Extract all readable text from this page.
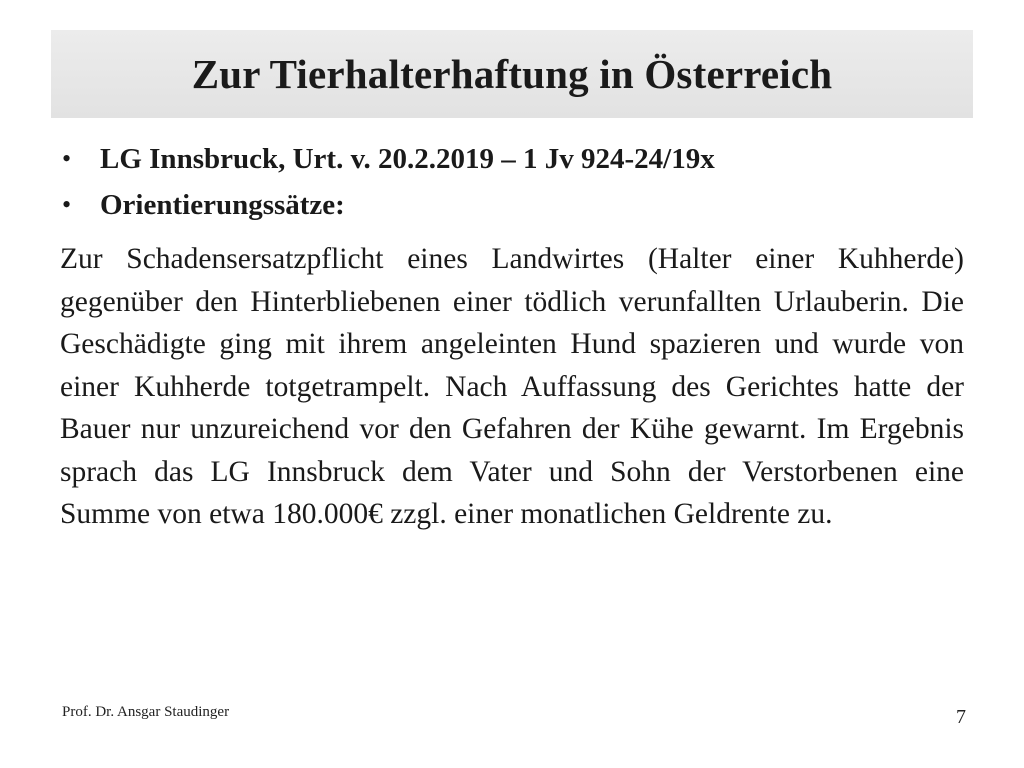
Zur Tierhalterhaftung in Österreich
• LG Innsbruck, Urt. v. 20.2.2019 – 1 Jv 924-24/19x
• Orientierungssätze:

Zur Schadensersatzpflicht eines Landwirtes (Halter einer Kuhherde) gegenüber den Hinterbliebenen einer tödlich verunfallten Urlauberin. Die Geschädigte ging mit ihrem angeleinten Hund spazieren und wurde von einer Kuhherde totgetrampelt. Nach Auffassung des Gerichtes hatte der Bauer nur unzureichend vor den Gefahren der Kühe gewarnt. Im Ergebnis sprach das LG Innsbruck dem Vater und Sohn der Verstorbenen eine Summe von etwa 180.000€ zzgl. einer monatlichen Geldrente zu.

Prof. Dr. Ansgar Staudinger	7
